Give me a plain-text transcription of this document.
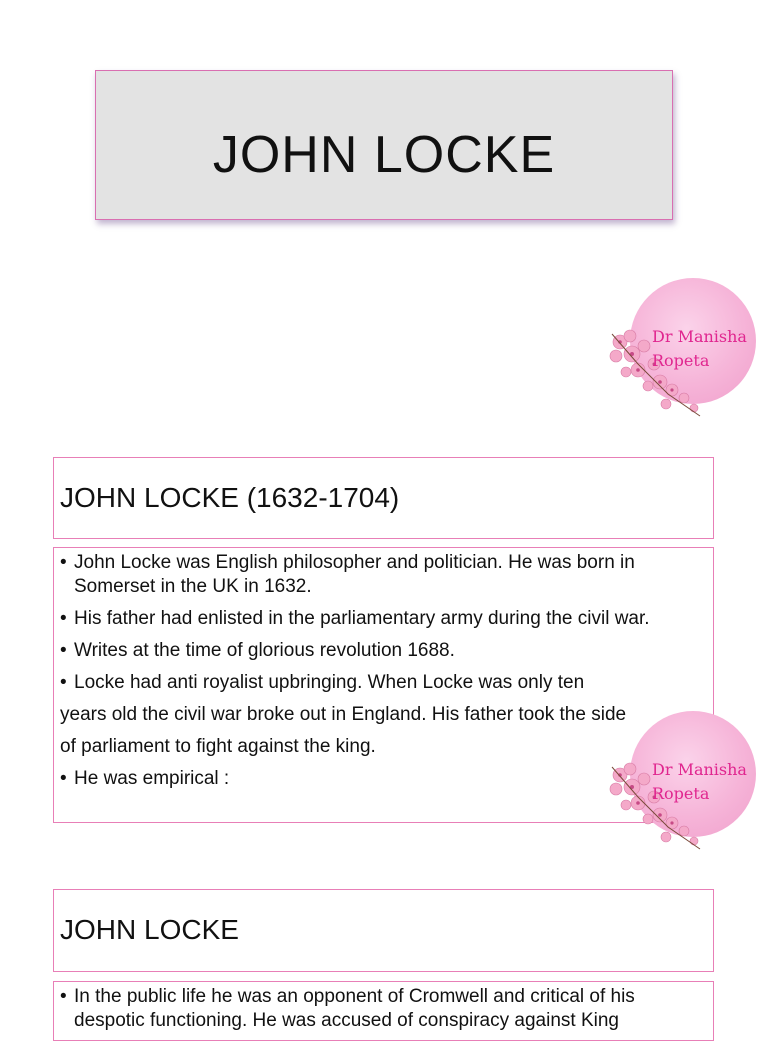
JOHN LOCKE
Dr Manisha
Ropeta
JOHN LOCKE (1632-1704)
• John Locke was English philosopher and politician. He was born in Somerset in the UK in 1632.
• His father had enlisted in the parliamentary army during the civil war.
• Writes at the time of glorious revolution 1688.
• Locke had anti royalist upbringing. When Locke was only ten
years old the civil war broke out in England. His father took the side
of parliament to fight against the king.
• He was empirical :	Dr Manisha
Ropeta
JOHN LOCKE
• In the public life he was an opponent of Cromwell and critical of his
despotic functioning. He was accused of conspiracy against King
